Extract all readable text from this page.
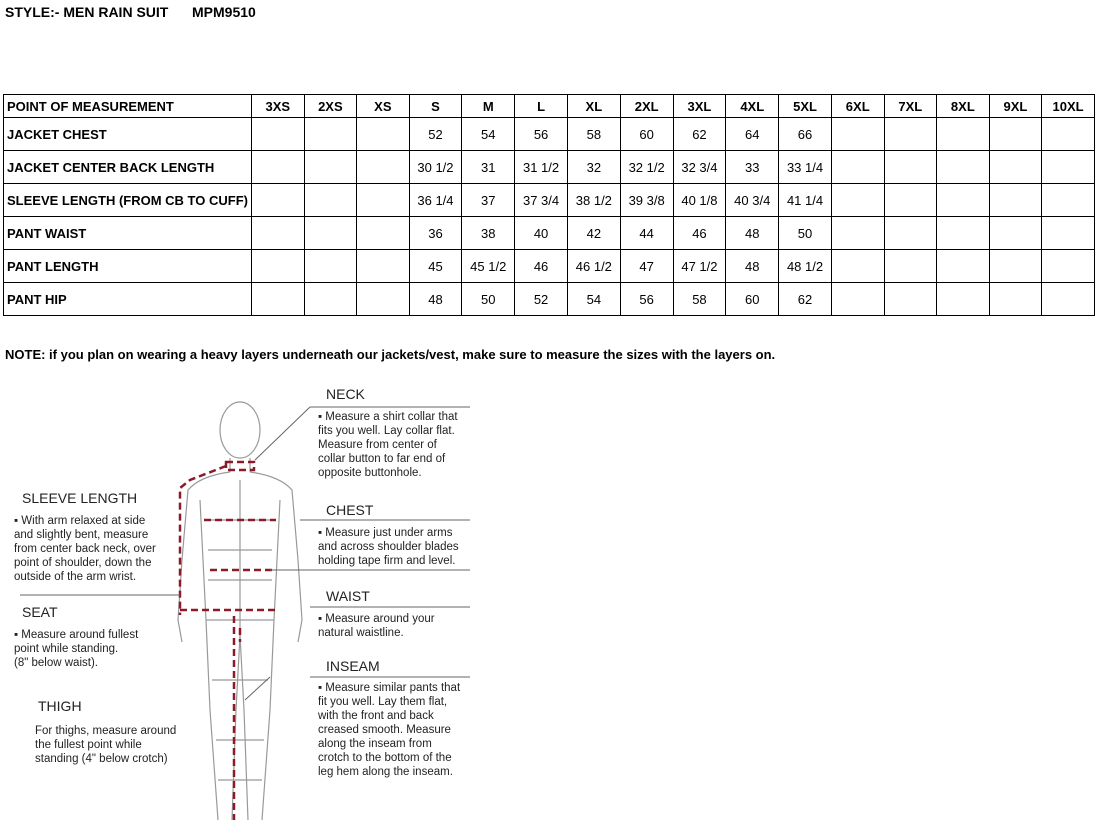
STYLE:- MEN RAIN SUIT MPM9510
POINT OF MEASUREMENT	3XS	2XS	XS	S	M	L	XL	2XL	3XL	4XL	5XL	6XL	7XL	8XL	9XL	10XL
JACKET CHEST				52	54	56	58	60	62	64	66					
JACKET CENTER BACK LENGTH				30 1/2	31	31 1/2	32	32 1/2	32 3/4	33	33 1/4					
SLEEVE LENGTH (FROM CB TO CUFF)				36 1/4	37	37 3/4	38 1/2	39 3/8	40 1/8	40 3/4	41 1/4					
PANT WAIST				36	38	40	42	44	46	48	50					
PANT LENGTH				45	45 1/2	46	46 1/2	47	47 1/2	48	48 1/2					
PANT HIP				48	50	52	54	56	58	60	62					
NOTE: if you plan on wearing a heavy layers underneath our jackets/vest, make sure to measure the sizes with the layers on.
NECK
▪ Measure a shirt collar that
fits you well. Lay collar flat.
Measure from center of
collar button to far end of
opposite buttonhole.
CHEST
▪ Measure just under arms
and across shoulder blades
holding tape firm and level.
WAIST
▪ Measure around your
natural waistline.
INSEAM
▪ Measure similar pants that
fit you well. Lay them flat,
with the front and back
creased smooth. Measure
along the inseam from
crotch to the bottom of the
leg hem along the inseam.
SLEEVE LENGTH
▪ With arm relaxed at side
and slightly bent, measure
from center back neck, over
point of shoulder, down the
outside of the arm wrist.
SEAT
▪ Measure around fullest
point while standing.
(8" below waist).
THIGH
For thighs, measure around
the fullest point while
standing (4" below crotch)
